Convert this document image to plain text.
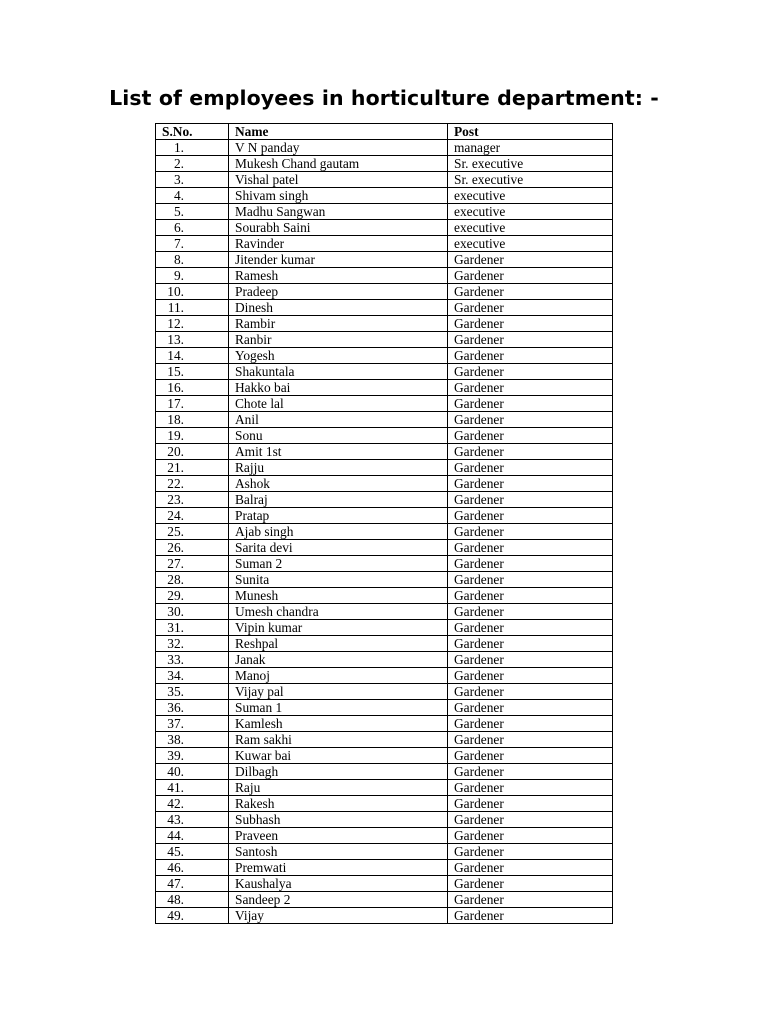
List of employees in horticulture department: -
S.No.	Name	Post
1.	V N panday	manager
2.	Mukesh Chand gautam	Sr. executive
3.	Vishal patel	Sr. executive
4.	Shivam singh	executive
5.	Madhu Sangwan	executive
6.	Sourabh Saini	executive
7.	Ravinder	executive
8.	Jitender kumar	Gardener
9.	Ramesh	Gardener
10.	Pradeep	Gardener
11.	Dinesh	Gardener
12.	Rambir	Gardener
13.	Ranbir	Gardener
14.	Yogesh	Gardener
15.	Shakuntala	Gardener
16.	Hakko bai	Gardener
17.	Chote lal	Gardener
18.	Anil	Gardener
19.	Sonu	Gardener
20.	Amit 1st	Gardener
21.	Rajju	Gardener
22.	Ashok	Gardener
23.	Balraj	Gardener
24.	Pratap	Gardener
25.	Ajab singh	Gardener
26.	Sarita devi	Gardener
27.	Suman 2	Gardener
28.	Sunita	Gardener
29.	Munesh	Gardener
30.	Umesh chandra	Gardener
31.	Vipin kumar	Gardener
32.	Reshpal	Gardener
33.	Janak	Gardener
34.	Manoj	Gardener
35.	Vijay pal	Gardener
36.	Suman 1	Gardener
37.	Kamlesh	Gardener
38.	Ram sakhi	Gardener
39.	Kuwar bai	Gardener
40.	Dilbagh	Gardener
41.	Raju	Gardener
42.	Rakesh	Gardener
43.	Subhash	Gardener
44.	Praveen	Gardener
45.	Santosh	Gardener
46.	Premwati	Gardener
47.	Kaushalya	Gardener
48.	Sandeep 2	Gardener
49.	Vijay	Gardener
